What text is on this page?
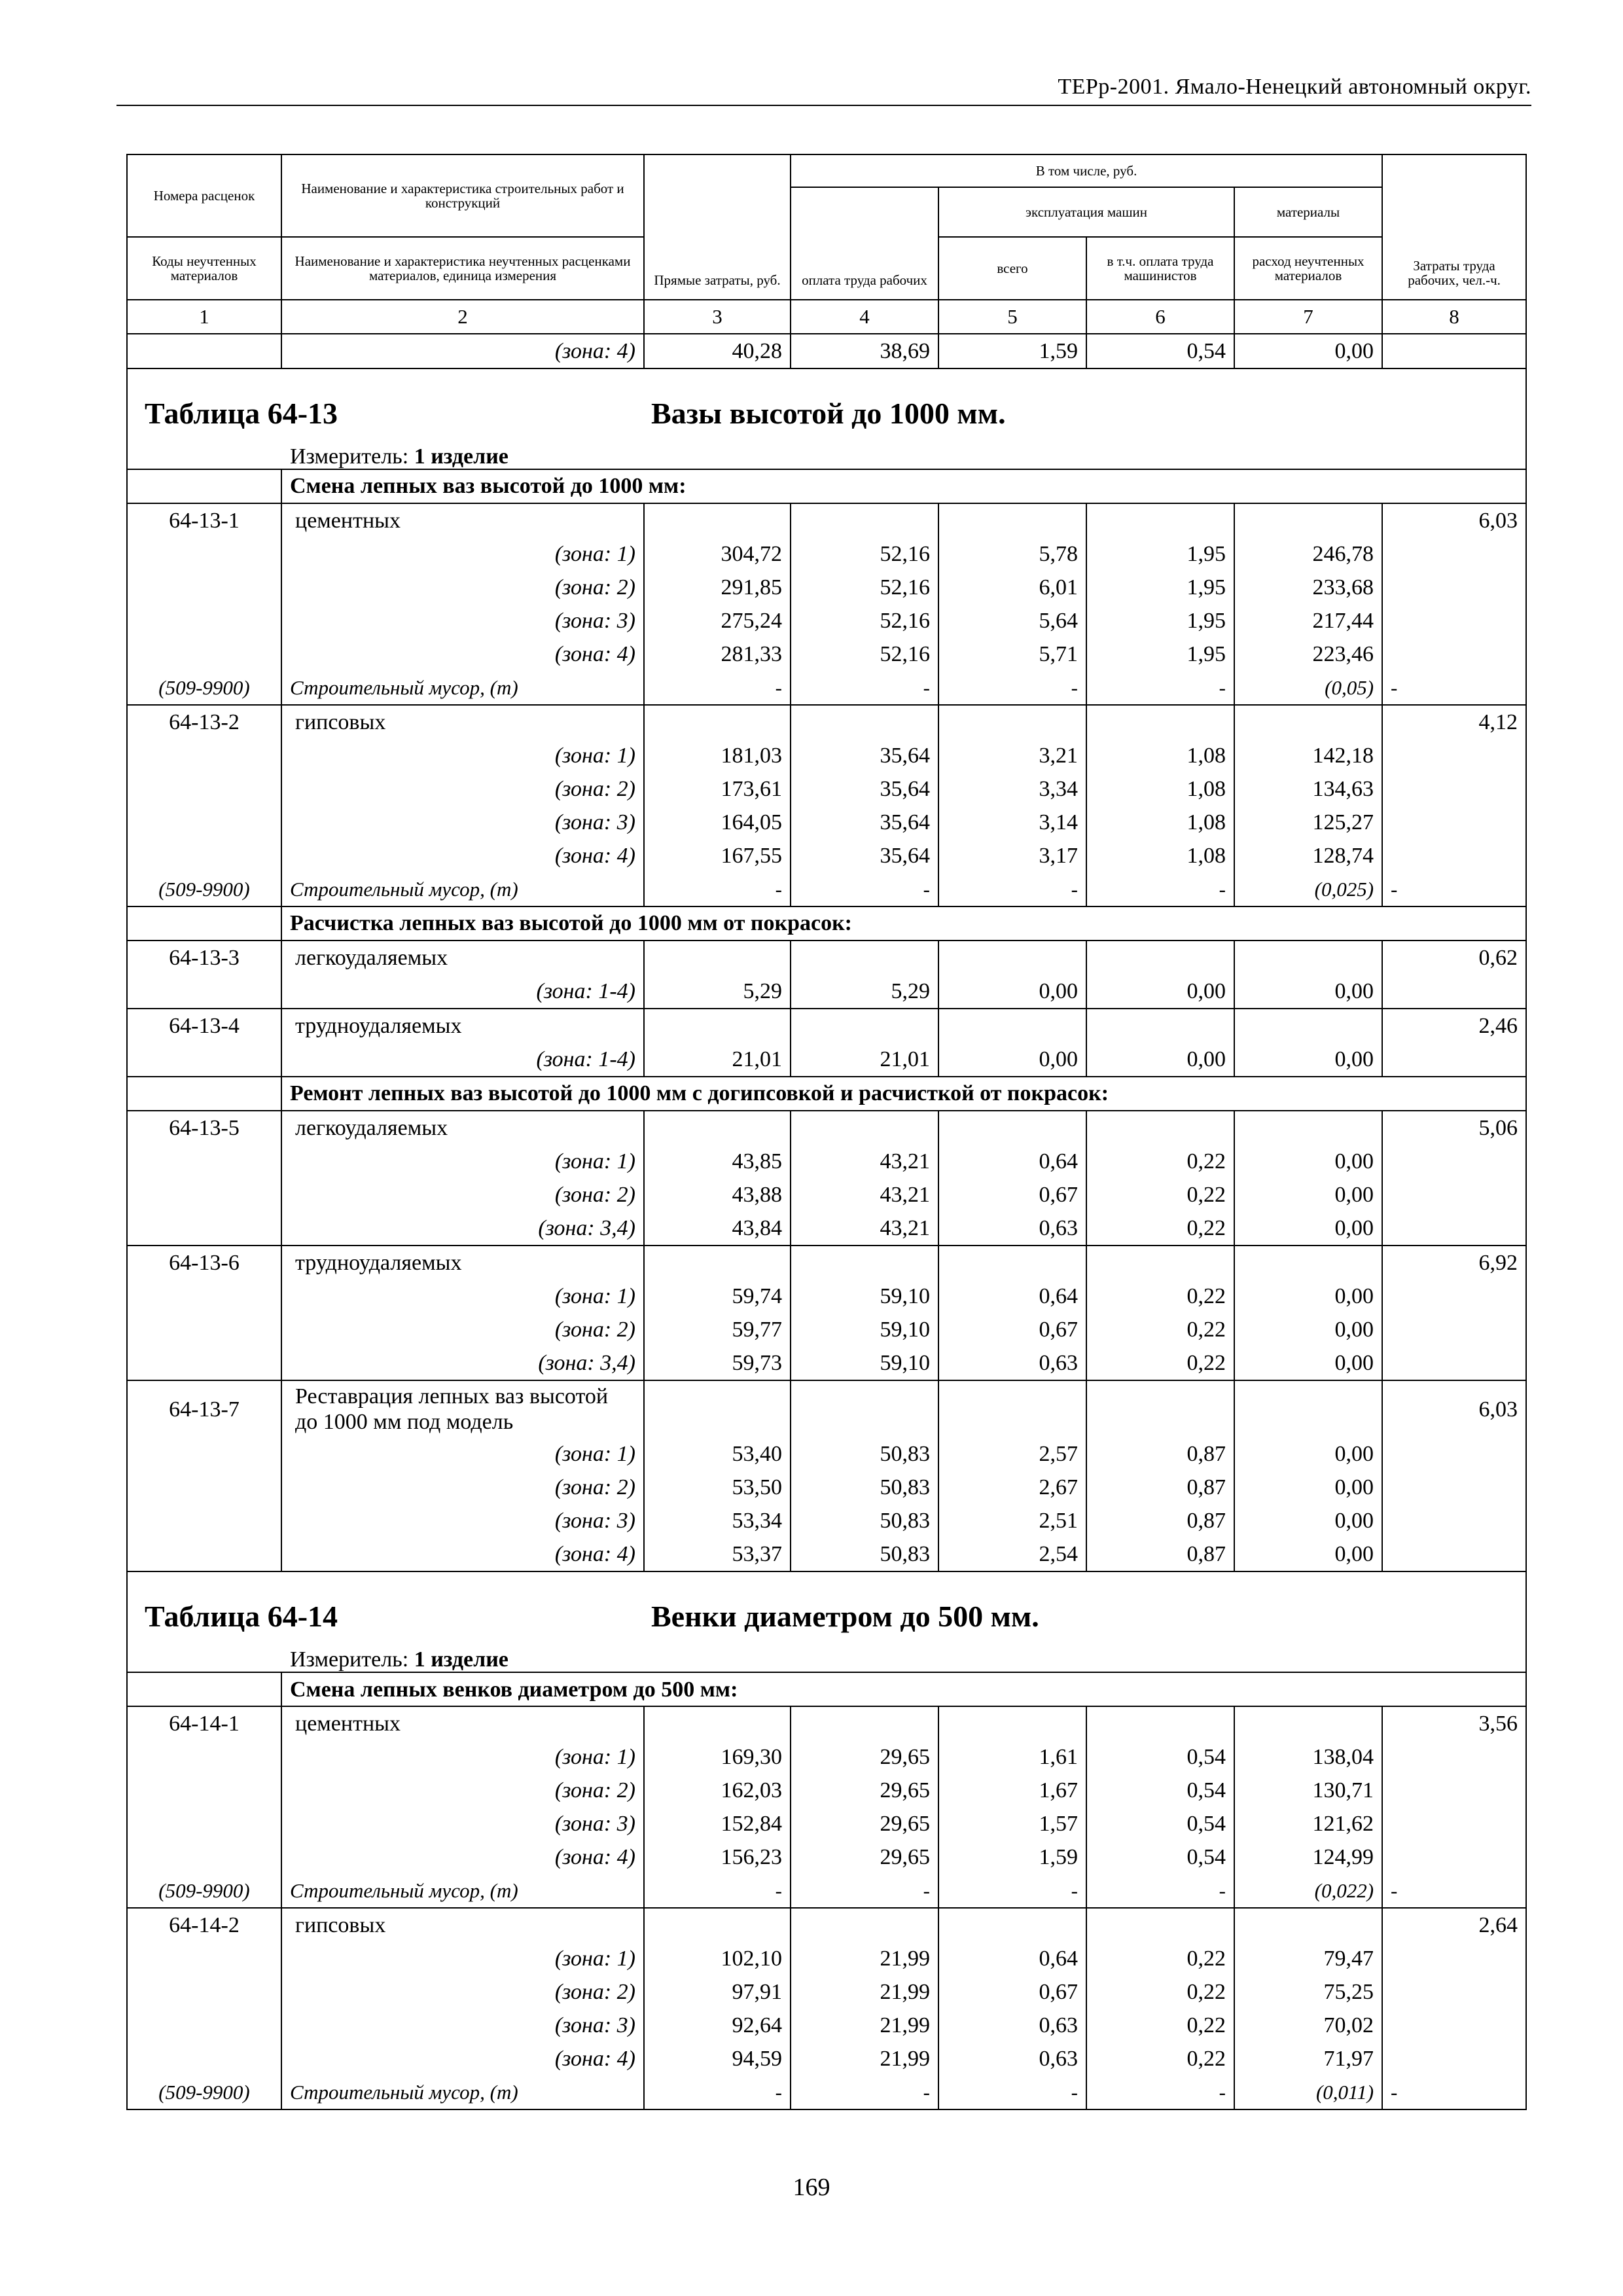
ТЕРр-2001. Ямало-Ненецкий автономный округ.
Номера расценок	Наименование и характеристика строительных работ и конструкций	Прямые затраты, руб.	В том числе, руб.				Затраты труда рабочих, чел.-ч.
			оплата труда рабочих	эксплуатация машин		материалы	
Коды неучтенных материалов	Наименование и характеристика неучтенных расценками материалов, единица измерения			всего	в т.ч. оплата труда машинистов	расход неучтенных материалов	
1	2	3	4	5	6	7	8
	(зона: 4)	40,28	38,69	1,59	0,54	0,00	

Таблица 64-13 Вазы высотой до 1000 мм.
Измеритель: 1 изделие							

	Смена лепных ваз высотой до 1000 мм:						
64-13-1	цементных						6,03
	(зона: 1)	304,72	52,16	5,78	1,95	246,78	
	(зона: 2)	291,85	52,16	6,01	1,95	233,68	
	(зона: 3)	275,24	52,16	5,64	1,95	217,44	
	(зона: 4)	281,33	52,16	5,71	1,95	223,46	
(509-9900)	Строительный мусор, (т)	-	-	-	-	(0,05)	-
64-13-2	гипсовых						4,12
	(зона: 1)	181,03	35,64	3,21	1,08	142,18	
	(зона: 2)	173,61	35,64	3,34	1,08	134,63	
	(зона: 3)	164,05	35,64	3,14	1,08	125,27	
	(зона: 4)	167,55	35,64	3,17	1,08	128,74	
(509-9900)	Строительный мусор, (т)	-	-	-	-	(0,025)	-
	Расчистка лепных ваз высотой до 1000 мм от покрасок:						
64-13-3	легкоудаляемых						0,62
	(зона: 1-4)	5,29	5,29	0,00	0,00	0,00	
64-13-4	трудноудаляемых						2,46
	(зона: 1-4)	21,01	21,01	0,00	0,00	0,00	
	Ремонт лепных ваз высотой до 1000 мм с догипсовкой и расчисткой от покрасок:						
64-13-5	легкоудаляемых						5,06
	(зона: 1)	43,85	43,21	0,64	0,22	0,00	
	(зона: 2)	43,88	43,21	0,67	0,22	0,00	
	(зона: 3,4)	43,84	43,21	0,63	0,22	0,00	
64-13-6	трудноудаляемых						6,92
	(зона: 1)	59,74	59,10	0,64	0,22	0,00	
	(зона: 2)	59,77	59,10	0,67	0,22	0,00	
	(зона: 3,4)	59,73	59,10	0,63	0,22	0,00	
64-13-7	Реставрация лепных ваз высотой до 1000 мм под модель						6,03
	(зона: 1)	53,40	50,83	2,57	0,87	0,00	
	(зона: 2)	53,50	50,83	2,67	0,87	0,00	
	(зона: 3)	53,34	50,83	2,51	0,87	0,00	
	(зона: 4)	53,37	50,83	2,54	0,87	0,00	

Таблица 64-14 Венки диаметром до 500 мм.
Измеритель: 1 изделие							

	Смена лепных венков диаметром до 500 мм:						
64-14-1	цементных						3,56
	(зона: 1)	169,30	29,65	1,61	0,54	138,04	
	(зона: 2)	162,03	29,65	1,67	0,54	130,71	
	(зона: 3)	152,84	29,65	1,57	0,54	121,62	
	(зона: 4)	156,23	29,65	1,59	0,54	124,99	
(509-9900)	Строительный мусор, (т)	-	-	-	-	(0,022)	-
64-14-2	гипсовых						2,64
	(зона: 1)	102,10	21,99	0,64	0,22	79,47	
	(зона: 2)	97,91	21,99	0,67	0,22	75,25	
	(зона: 3)	92,64	21,99	0,63	0,22	70,02	
	(зона: 4)	94,59	21,99	0,63	0,22	71,97	
(509-9900)	Строительный мусор, (т)	-	-	-	-	(0,011)	-
169
